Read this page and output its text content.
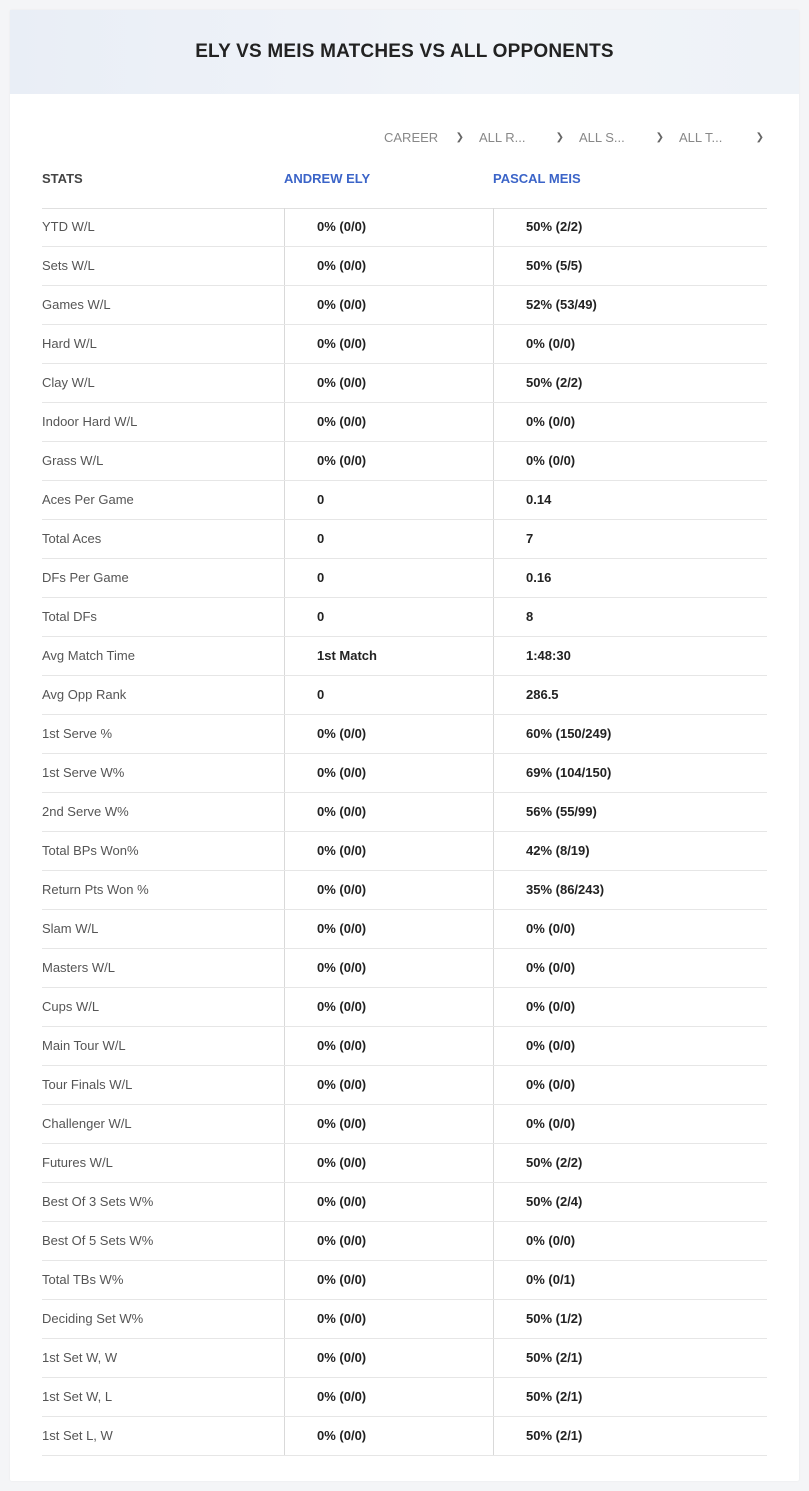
ELY VS MEIS MATCHES VS ALL OPPONENTS
CAREER ❯ ALL R...	❯ ALL S...	❯ ALL T...	❯
STATS	ANDREW ELY	PASCAL MEIS
YTD W/L	0% (0/0)	50% (2/2)
Sets W/L	0% (0/0)	50% (5/5)
Games W/L	0% (0/0)	52% (53/49)
Hard W/L	0% (0/0)	0% (0/0)
Clay W/L	0% (0/0)	50% (2/2)
Indoor Hard W/L	0% (0/0)	0% (0/0)
Grass W/L	0% (0/0)	0% (0/0)
Aces Per Game	0	0.14
Total Aces	0	7
DFs Per Game	0	0.16
Total DFs	0	8
Avg Match Time	1st Match	1:48:30
Avg Opp Rank	0	286.5
1st Serve %	0% (0/0)	60% (150/249)
1st Serve W%	0% (0/0)	69% (104/150)
2nd Serve W%	0% (0/0)	56% (55/99)
Total BPs Won%	0% (0/0)	42% (8/19)
Return Pts Won %	0% (0/0)	35% (86/243)
Slam W/L	0% (0/0)	0% (0/0)
Masters W/L	0% (0/0)	0% (0/0)
Cups W/L	0% (0/0)	0% (0/0)
Main Tour W/L	0% (0/0)	0% (0/0)
Tour Finals W/L	0% (0/0)	0% (0/0)
Challenger W/L	0% (0/0)	0% (0/0)
Futures W/L	0% (0/0)	50% (2/2)
Best Of 3 Sets W%	0% (0/0)	50% (2/4)
Best Of 5 Sets W%	0% (0/0)	0% (0/0)
Total TBs W%	0% (0/0)	0% (0/1)
Deciding Set W%	0% (0/0)	50% (1/2)
1st Set W, W	0% (0/0)	50% (2/1)
1st Set W, L	0% (0/0)	50% (2/1)
1st Set L, W	0% (0/0)	50% (2/1)
